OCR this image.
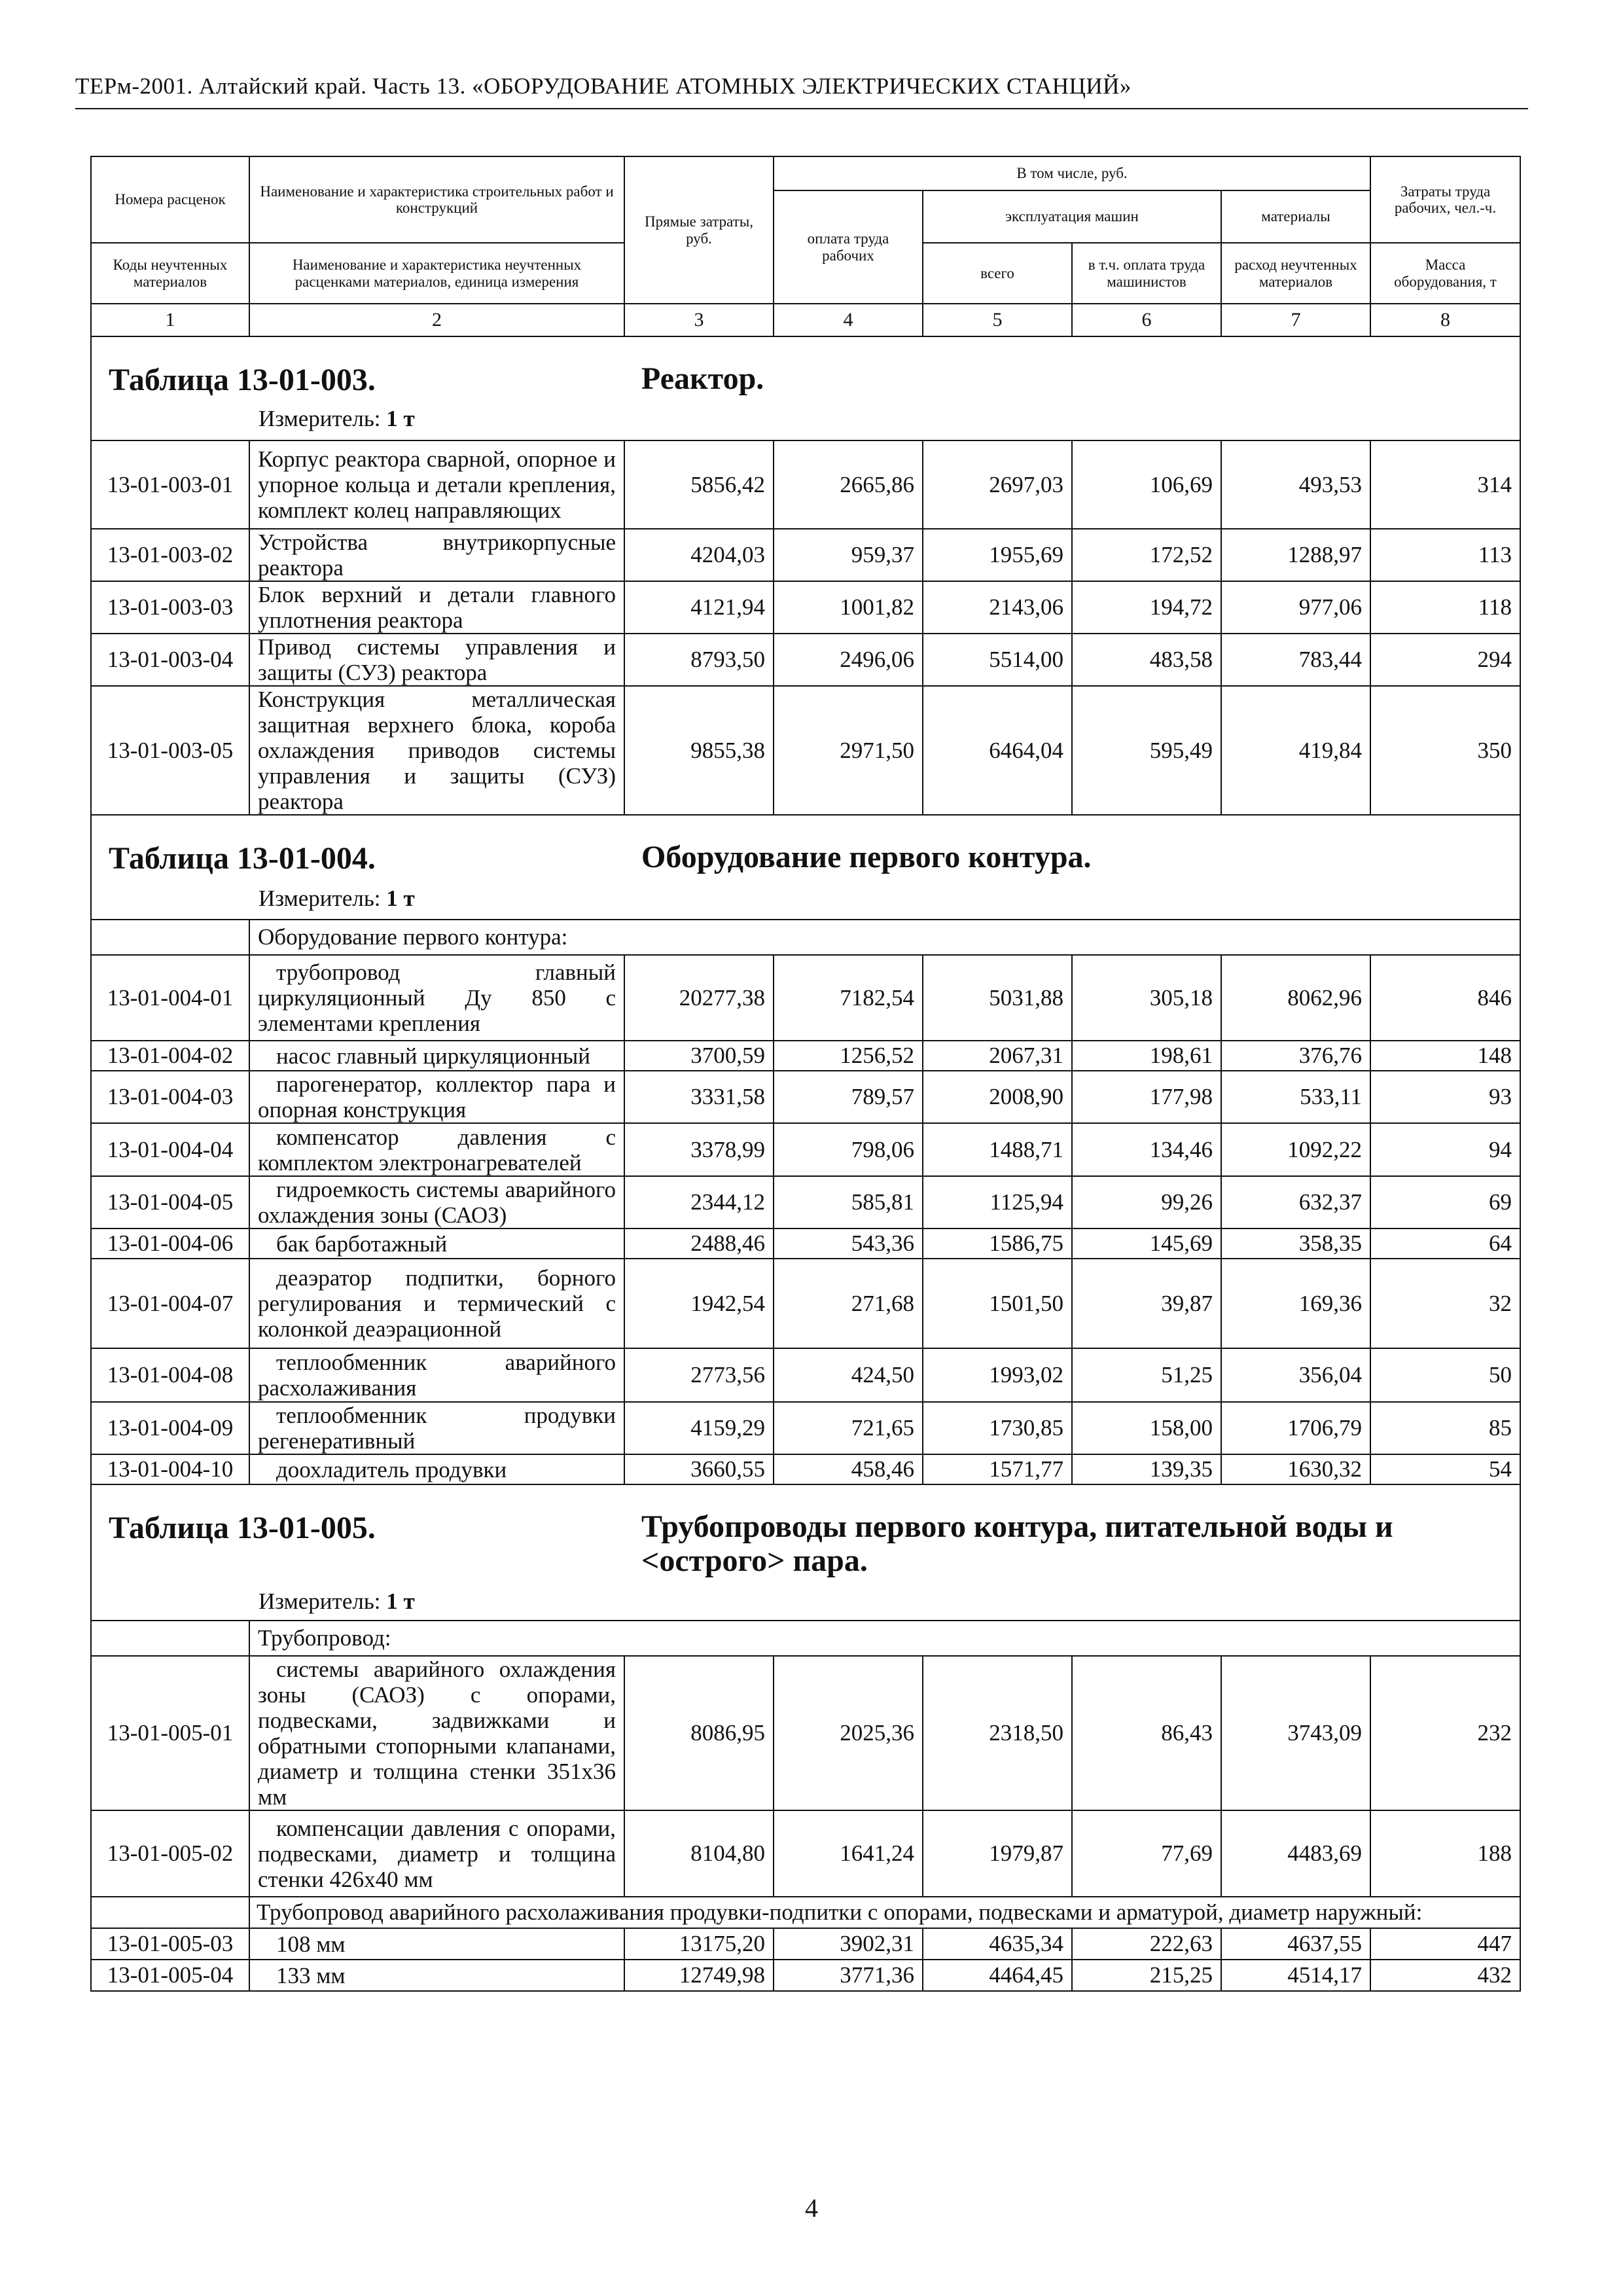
ТЕРм-2001. Алтайский край. Часть 13. «ОБОРУДОВАНИЕ АТОМНЫХ ЭЛЕКТРИЧЕСКИХ СТАНЦИЙ»
Номера расценок	Наименование и характеристика строительных работ и конструкций	Прямые затраты, руб.	В том числе, руб.				Затраты труда рабочих, чел.-ч.
			оплата труда рабочих	эксплуатация машин		материалы	
Коды неучтенных материалов	Наименование и характеристика неучтенных расценками материалов, единица измерения			всего	в т.ч. оплата труда машинистов	расход неучтенных материалов	Масса оборудования, т
1	2	3	4	5	6	7	8

Таблица 13-01-003. Реактор.
Измеритель: 1 т							

13-01-003-01	Корпус реактора сварной, опорное и упорное кольца и детали крепления, комплект колец направляющих	5856,42	2665,86	2697,03	106,69	493,53	314
13-01-003-02	Устройства внутрикорпусные реактора	4204,03	959,37	1955,69	172,52	1288,97	113
13-01-003-03	Блок верхний и детали главного уплотнения реактора	4121,94	1001,82	2143,06	194,72	977,06	118
13-01-003-04	Привод системы управления и защиты (СУЗ) реактора	8793,50	2496,06	5514,00	483,58	783,44	294
13-01-003-05	Конструкция металлическая защитная верхнего блока, короба охлаждения приводов системы управления и защиты (СУЗ) реактора	9855,38	2971,50	6464,04	595,49	419,84	350

Таблица 13-01-004. Оборудование первого контура.
Измеритель: 1 т							

	Оборудование первого контура:						
13-01-004-01	трубопровод главный циркуляционный Ду 850 с элементами крепления	20277,38	7182,54	5031,88	305,18	8062,96	846
13-01-004-02	насос главный циркуляционный	3700,59	1256,52	2067,31	198,61	376,76	148
13-01-004-03	парогенератор, коллектор пара и опорная конструкция	3331,58	789,57	2008,90	177,98	533,11	93
13-01-004-04	компенсатор давления с комплектом электронагревателей	3378,99	798,06	1488,71	134,46	1092,22	94
13-01-004-05	гидроемкость системы аварийного охлаждения зоны (САОЗ)	2344,12	585,81	1125,94	99,26	632,37	69
13-01-004-06	бак барботажный	2488,46	543,36	1586,75	145,69	358,35	64
13-01-004-07	деаэратор подпитки, борного регулирования и термический с колонкой деаэрационной	1942,54	271,68	1501,50	39,87	169,36	32
13-01-004-08	теплообменник аварийного расхолаживания	2773,56	424,50	1993,02	51,25	356,04	50
13-01-004-09	теплообменник продувки регенеративный	4159,29	721,65	1730,85	158,00	1706,79	85
13-01-004-10	доохладитель продувки	3660,55	458,46	1571,77	139,35	1630,32	54

Таблица 13-01-005. Трубопроводы первого контура, питательной воды и <острого> пара.
Измеритель: 1 т							

	Трубопровод:						
13-01-005-01	системы аварийного охлаждения зоны (САОЗ) с опорами, подвесками, задвижками и обратными стопорными клапанами, диаметр и толщина стенки 351х36 мм	8086,95	2025,36	2318,50	86,43	3743,09	232
13-01-005-02	компенсации давления с опорами, подвесками, диаметр и толщина стенки 426х40 мм	8104,80	1641,24	1979,87	77,69	4483,69	188
	Трубопровод аварийного расхолаживания продувки-подпитки с опорами, подвесками и арматурой, диаметр наружный:						
13-01-005-03	108 мм	13175,20	3902,31	4635,34	222,63	4637,55	447
13-01-005-04	133 мм	12749,98	3771,36	4464,45	215,25	4514,17	432
4
